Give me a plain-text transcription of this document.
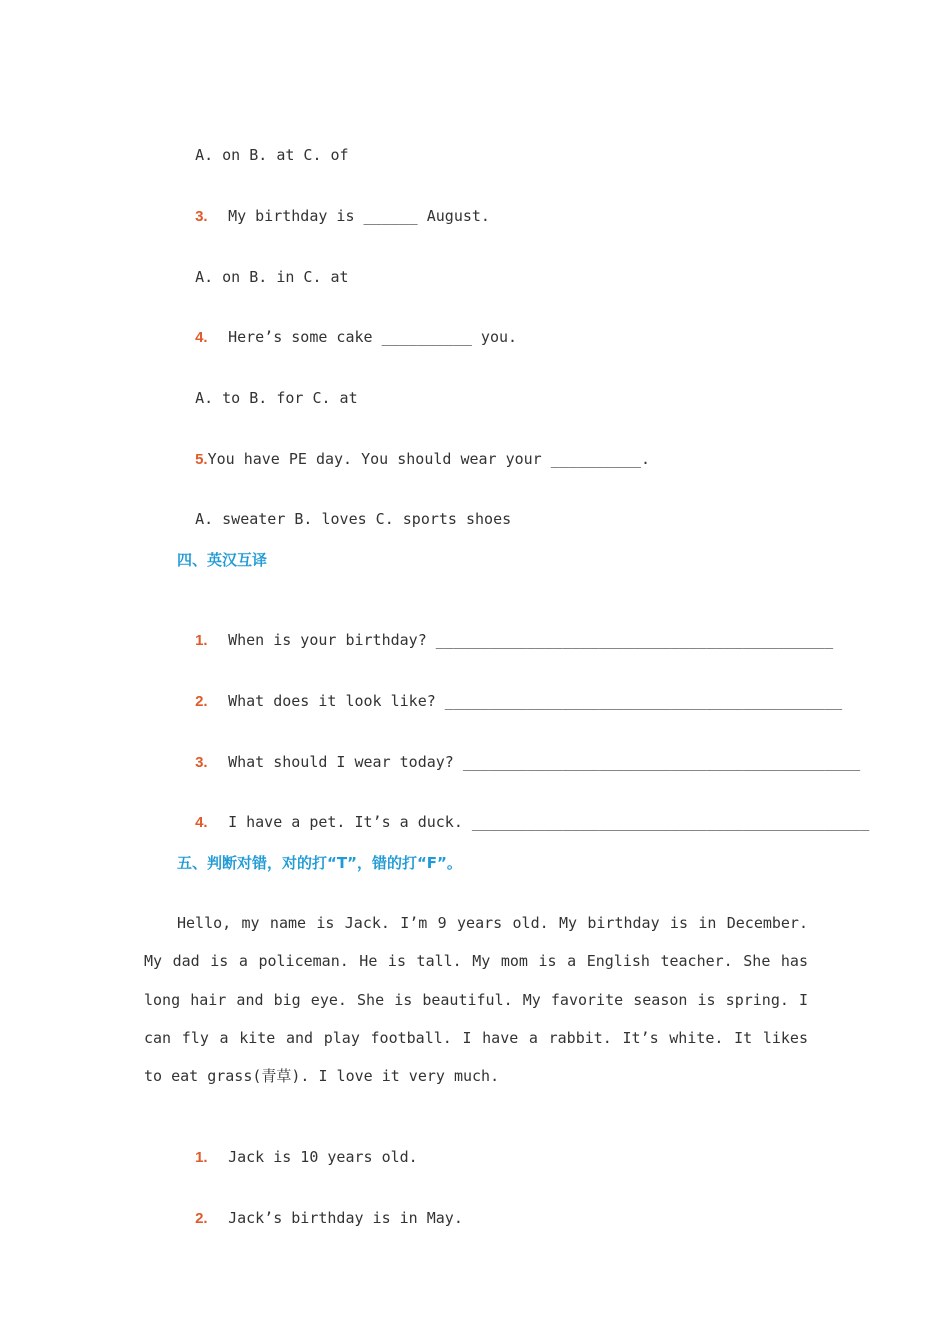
A. on B. at C. of

3. My birthday is ______ August.

A. on B. in C. at

4. Here’s some cake __________ you.

A. to B. for C. at

5.You have PE day. You should wear your __________.

A. sweater B. loves C. sports shoes

四、英汉互译

1. When is your birthday? ____________________________________________

2. What does it look like? ____________________________________________

3. What should I wear today? ____________________________________________

4. I have a pet. It’s a duck. ____________________________________________

五、判断对错，对的打“T”，错的打“F”。
Hello, my name is Jack. I’m 9 years old. My birthday is in December. My dad is a policeman. He is tall. My mom is a English teacher. She has long hair and big eye. She is beautiful. My favorite season is spring. I can fly a kite and play football. I have a rabbit. It’s white. It likes to eat grass(青草). I love it very much.

1. Jack is 10 years old.

2. Jack’s birthday is in May.
